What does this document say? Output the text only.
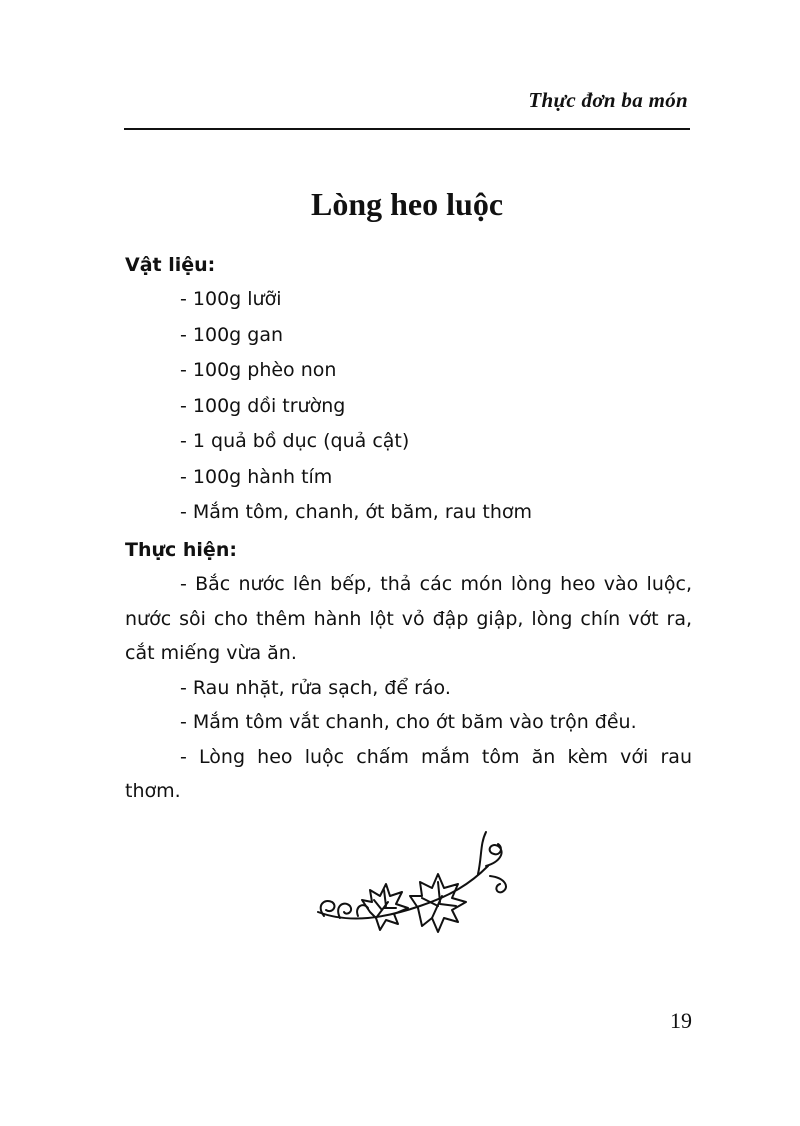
Thực đơn ba món
Lòng heo luộc
Vật liệu:
- 100g lưỡi
- 100g gan
- 100g phèo non
- 100g dồi trường
- 1 quả bồ dục (quả cật)
- 100g hành tím
- Mắm tôm, chanh, ớt băm, rau thơm
Thực hiện:

- Bắc nước lên bếp, thả các món lòng heo vào luộc, nước sôi cho thêm hành lột vỏ đập giập, lòng chín vớt ra, cắt miếng vừa ăn.

- Rau nhặt, rửa sạch, để ráo.

- Mắm tôm vắt chanh, cho ớt băm vào trộn đều.

- Lòng heo luộc chấm mắm tôm ăn kèm với rau thơm.

19
